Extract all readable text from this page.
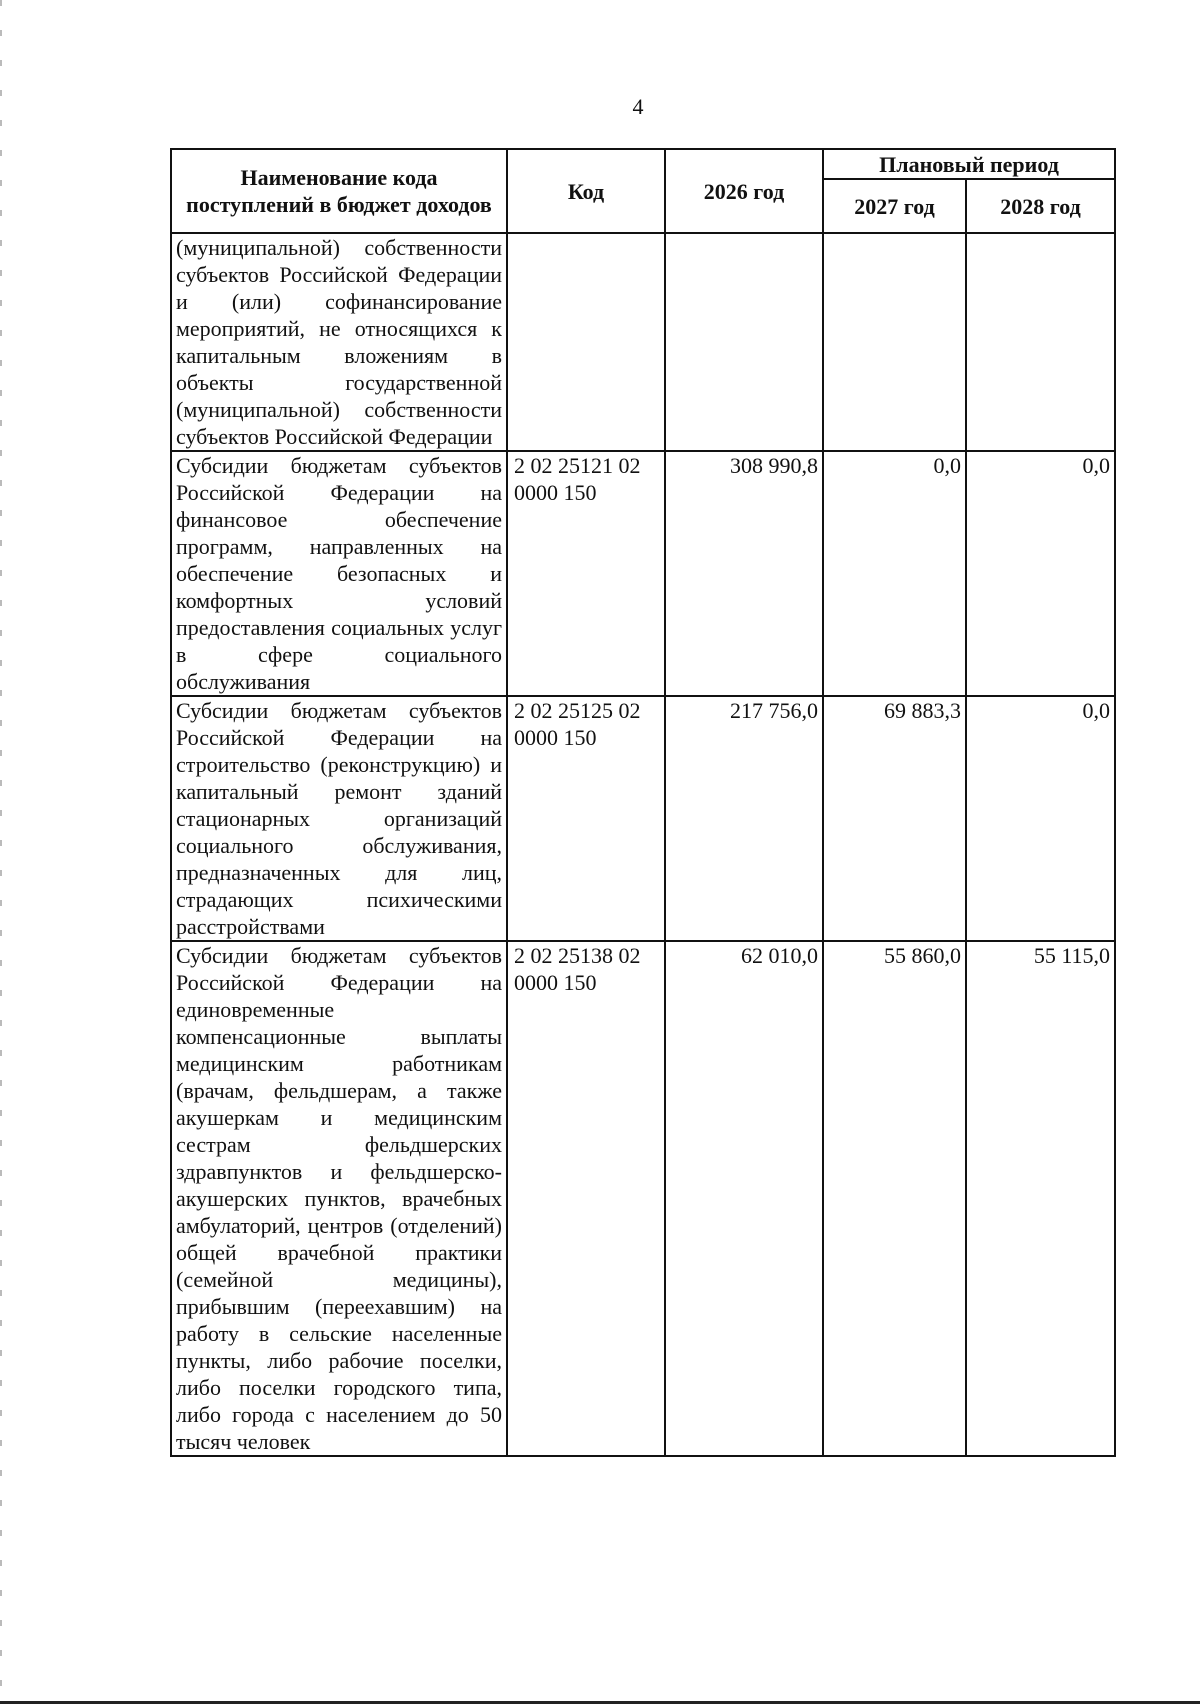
4
Наименование кода поступлений в бюджет доходов	Код	2026 год	Плановый период	
			2027 год	2028 год
(муниципальной) собственности субъектов Российской Федерации и (или) софинансирование мероприятий, не относящихся к капитальным вложениям в объекты государственной (муниципальной) собственности субъектов Российской Федерации	

Субсидии бюджетам субъектов Российской Федерации на финансовое обеспечение программ, направленных на обеспечение безопасных и комфортных условий предоставления социальных услуг в сфере социального обслуживания	2 02 25121 02
0000 150	308 990,8	0,0	0,0
Субсидии бюджетам субъектов Российской Федерации на строительство (реконструкцию) и капитальный ремонт зданий стационарных организаций социального обслуживания, предназначенных для лиц, страдающих психическими расстройствами	2 02 25125 02
0000 150	217 756,0	69 883,3	0,0
Субсидии бюджетам субъектов Российской Федерации на единовременные компенсационные выплаты медицинским работникам (врачам, фельдшерам, а также акушеркам и медицинским сестрам фельдшерских здравпунктов и фельдшерско-акушерских пунктов, врачебных амбулаторий, центров (отделений) общей врачебной практики (семейной медицины), прибывшим (переехавшим) на работу в сельские населенные пункты, либо рабочие поселки, либо поселки городского типа, либо города с населением до 50 тысяч человек	2 02 25138 02
0000 150	62 010,0	55 860,0	55 115,0
